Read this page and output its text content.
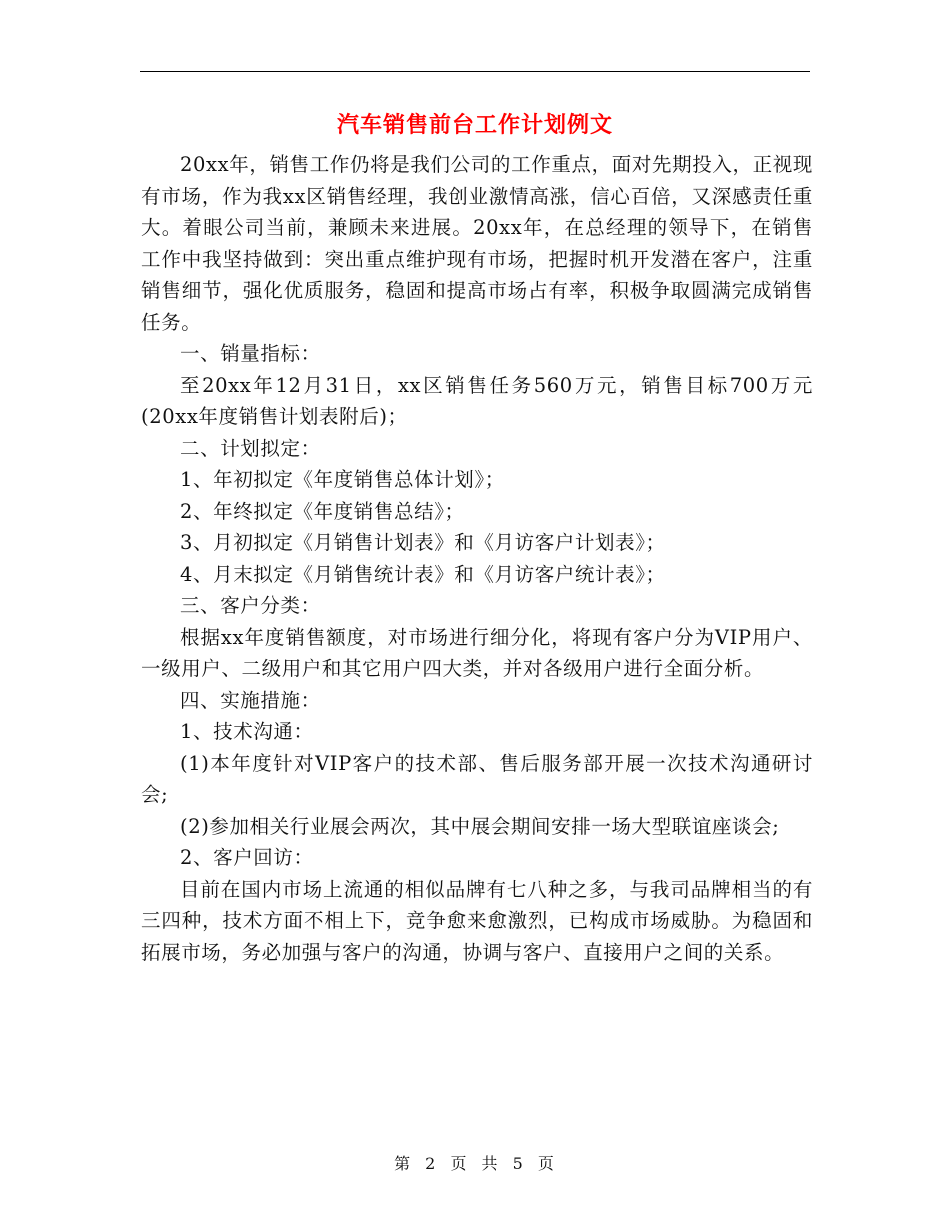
汽车销售前台工作计划例文

20xx年，销售工作仍将是我们公司的工作重点，面对先期投入，正视现有市场，作为我xx区销售经理，我创业激情高涨，信心百倍，又深感责任重大。着眼公司当前，兼顾未来进展。20xx年，在总经理的领导下，在销售工作中我坚持做到：突出重点维护现有市场，把握时机开发潜在客户，注重销售细节，强化优质服务，稳固和提高市场占有率，积极争取圆满完成销售任务。

一、销量指标：

至20xx年12月31日，xx区销售任务560万元，销售目标700万元(20xx年度销售计划表附后)；

二、计划拟定：

1、年初拟定《年度销售总体计划》；

2、年终拟定《年度销售总结》；

3、月初拟定《月销售计划表》和《月访客户计划表》；

4、月末拟定《月销售统计表》和《月访客户统计表》；

三、客户分类：

根据xx年度销售额度，对市场进行细分化，将现有客户分为VIP用户、一级用户、二级用户和其它用户四大类，并对各级用户进行全面分析。

四、实施措施：

1、技术沟通：

(1)本年度针对VIP客户的技术部、售后服务部开展一次技术沟通研讨会;

(2)参加相关行业展会两次，其中展会期间安排一场大型联谊座谈会;

2、客户回访：

目前在国内市场上流通的相似品牌有七八种之多，与我司品牌相当的有三四种，技术方面不相上下，竞争愈来愈激烈，已构成市场威胁。为稳固和拓展市场，务必加强与客户的沟通，协调与客户、直接用户之间的关系。

第 2 页 共 5 页
